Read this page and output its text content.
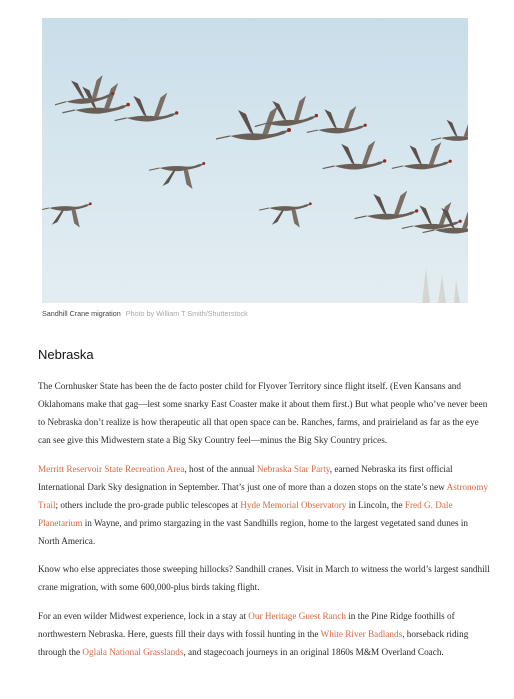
Sandhill Crane migration Photo by William T Smith/Shutterstock
Nebraska

The Cornhusker State has been the de facto poster child for Flyover Territory since flight itself. (Even Kansans and Oklahomans make that gag—lest some snarky East Coaster make it about them first.) But what people who’ve never been to Nebraska don’t realize is how therapeutic all that open space can be. Ranches, farms, and prairieland as far as the eye can see give this Midwestern state a Big Sky Country feel—minus the Big Sky Country prices.

Merritt Reservoir State Recreation Area, host of the annual Nebraska Star Party, earned Nebraska its first official International Dark Sky designation in September. That’s just one of more than a dozen stops on the state’s new Astronomy Trail; others include the pro-grade public telescopes at Hyde Memorial Observatory in Lincoln, the Fred G. Dale Planetarium in Wayne, and primo stargazing in the vast Sandhills region, home to the largest vegetated sand dunes in North America.

Know who else appreciates those sweeping hillocks? Sandhill cranes. Visit in March to witness the world’s largest sandhill crane migration, with some 600,000-plus birds taking flight.

For an even wilder Midwest experience, lock in a stay at Our Heritage Guest Ranch in the Pine Ridge foothills of northwestern Nebraska. Here, guests fill their days with fossil hunting in the White River Badlands, horseback riding through the Oglala National Grasslands, and stagecoach journeys in an original 1860s M&M Overland Coach.
